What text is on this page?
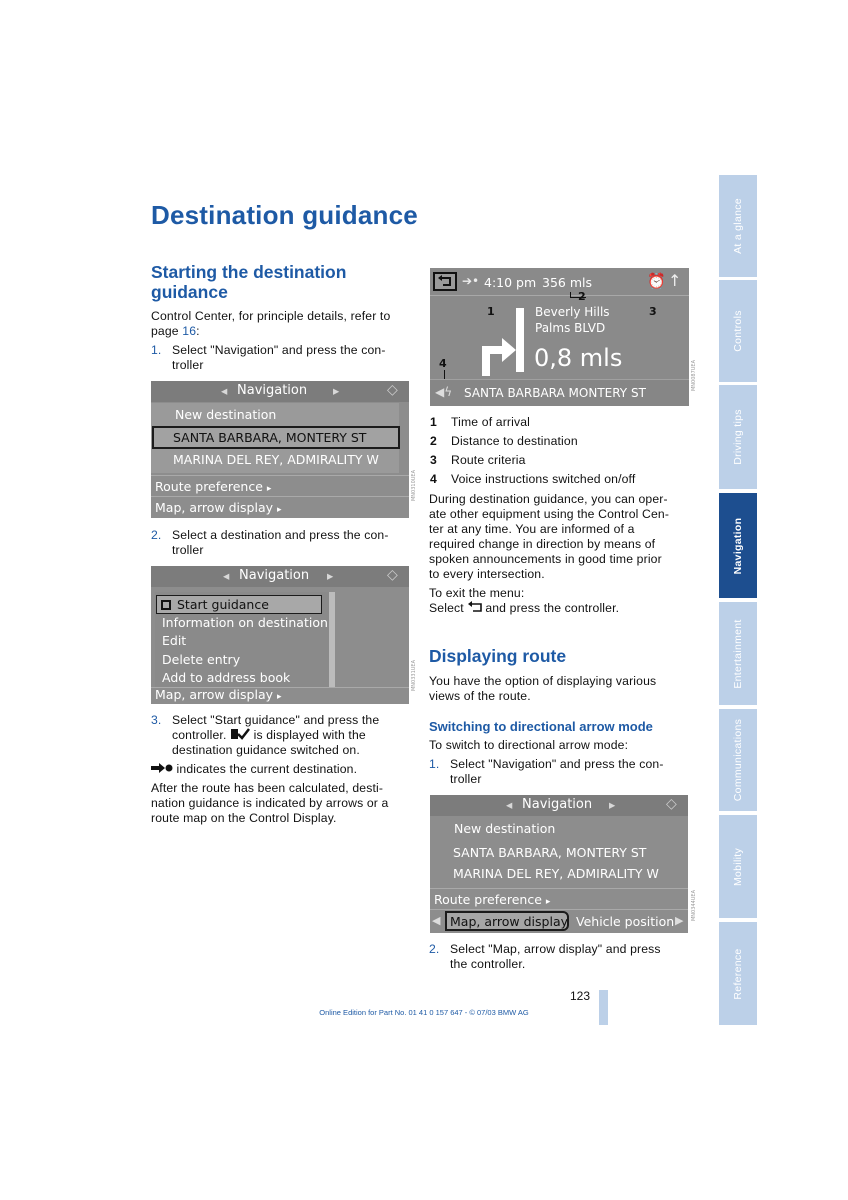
Destination guidance
Starting the destination guidance
Control Center, for principle details, refer to
page 16:
1. Select "Navigation" and press the con-
troller
◂ Navigation ▸	◇
New destination
SANTA BARBARA, MONTERY ST
MARINA DEL REY, ADMIRALITY W
Route preference ▸
Map, arrow display ▸
MN0310UEA
2. Select a destination and press the con-
troller
◂ Navigation ▸	◇
Start guidance
Information on destination
Edit
Delete entry
Add to address book
Map, arrow display ▸
MN0331UEA
3. Select "Start guidance" and press the
controller. is displayed with the
destination guidance switched on.
indicates the current destination.
After the route has been calculated, desti-
nation guidance is indicated by arrows or a
route map on the Control Display.
➔• 4:10 pm 356 mls	⏰ ↑
2
1	3
4
Beverly Hills
Palms BLVD
0,8 mls
◀ϟ SANTA BARBARA MONTERY ST
MN0087UEA
1 Time of arrival
2 Distance to destination
3 Route criteria
4 Voice instructions switched on/off
During destination guidance, you can oper-
ate other equipment using the Control Cen-
ter at any time. You are informed of a
required change in direction by means of
spoken announcements in good time prior
to every intersection.
To exit the menu:
Select and press the controller.
Displaying route
You have the option of displaying various
views of the route.
Switching to directional arrow mode
To switch to directional arrow mode:
1. Select "Navigation" and press the con-
troller
◂ Navigation ▸	◇
New destination
SANTA BARBARA, MONTERY ST
MARINA DEL REY, ADMIRALITY W
Route preference ▸
◀ Map, arrow display Vehicle position ▶ MN0344UEA
2. Select "Map, arrow display" and press
the controller.
At a glance
Controls
Driving tips
Navigation
Entertainment
Communications
Mobility
Reference
123
Online Edition for Part No. 01 41 0 157 647 - © 07/03 BMW AG
